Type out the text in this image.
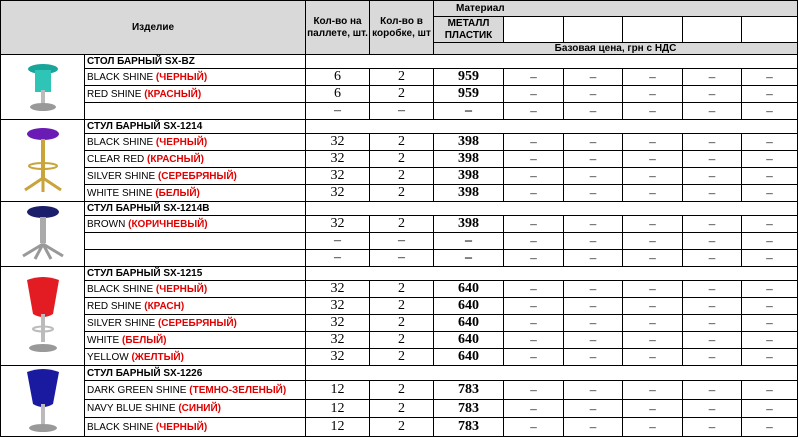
Изделие		Кол-во на паллете, шт.	Кол-во в коробке, шт	Материал					
				МЕТАЛЛ ПЛАСТИК					
				Базовая цена, грн с НДС					

	СТОЛ БАРНЫЙ SX-BZ								
	BLACK SHINE (ЧЕРНЫЙ)	6	2	959	–	–	–	–	–
	RED SHINE (КРАСНЫЙ)	6	2	959	–	–	–	–	–
		–	–	–	–	–	–	–	–

	СТУЛ БАРНЫЙ SX-1214								
	BLACK SHINE (ЧЕРНЫЙ)	32	2	398	–	–	–	–	–
	CLEAR RED (КРАСНЫЙ)	32	2	398	–	–	–	–	–
	SILVER SHINE (СЕРЕБРЯНЫЙ)	32	2	398	–	–	–	–	–
	WHITE SHINE (БЕЛЫЙ)	32	2	398	–	–	–	–	–

	СТУЛ БАРНЫЙ SX-1214B								
	BROWN (КОРИЧНЕВЫЙ)	32	2	398	–	–	–	–	–
		–	–	–	–	–	–	–	–
		–	–	–	–	–	–	–	–

	СТУЛ БАРНЫЙ SX-1215								
	BLACK SHINE (ЧЕРНЫЙ)	32	2	640	–	–	–	–	–
	RED SHINE (КРАСН)	32	2	640	–	–	–	–	–
	SILVER SHINE (СЕРЕБРЯНЫЙ)	32	2	640	–	–	–	–	–
	WHITE (БЕЛЫЙ)	32	2	640	–	–	–	–	–
	YELLOW (ЖЕЛТЫЙ)	32	2	640	–	–	–	–	–

	СТУЛ БАРНЫЙ SX-1226								
	DARK GREEN SHINE (ТЕМНО-ЗЕЛЕНЫЙ)	12	2	783	–	–	–	–	–
	NAVY BLUE SHINE (СИНИЙ)	12	2	783	–	–	–	–	–
	BLACK SHINE (ЧЕРНЫЙ)	12	2	783	–	–	–	–	–
